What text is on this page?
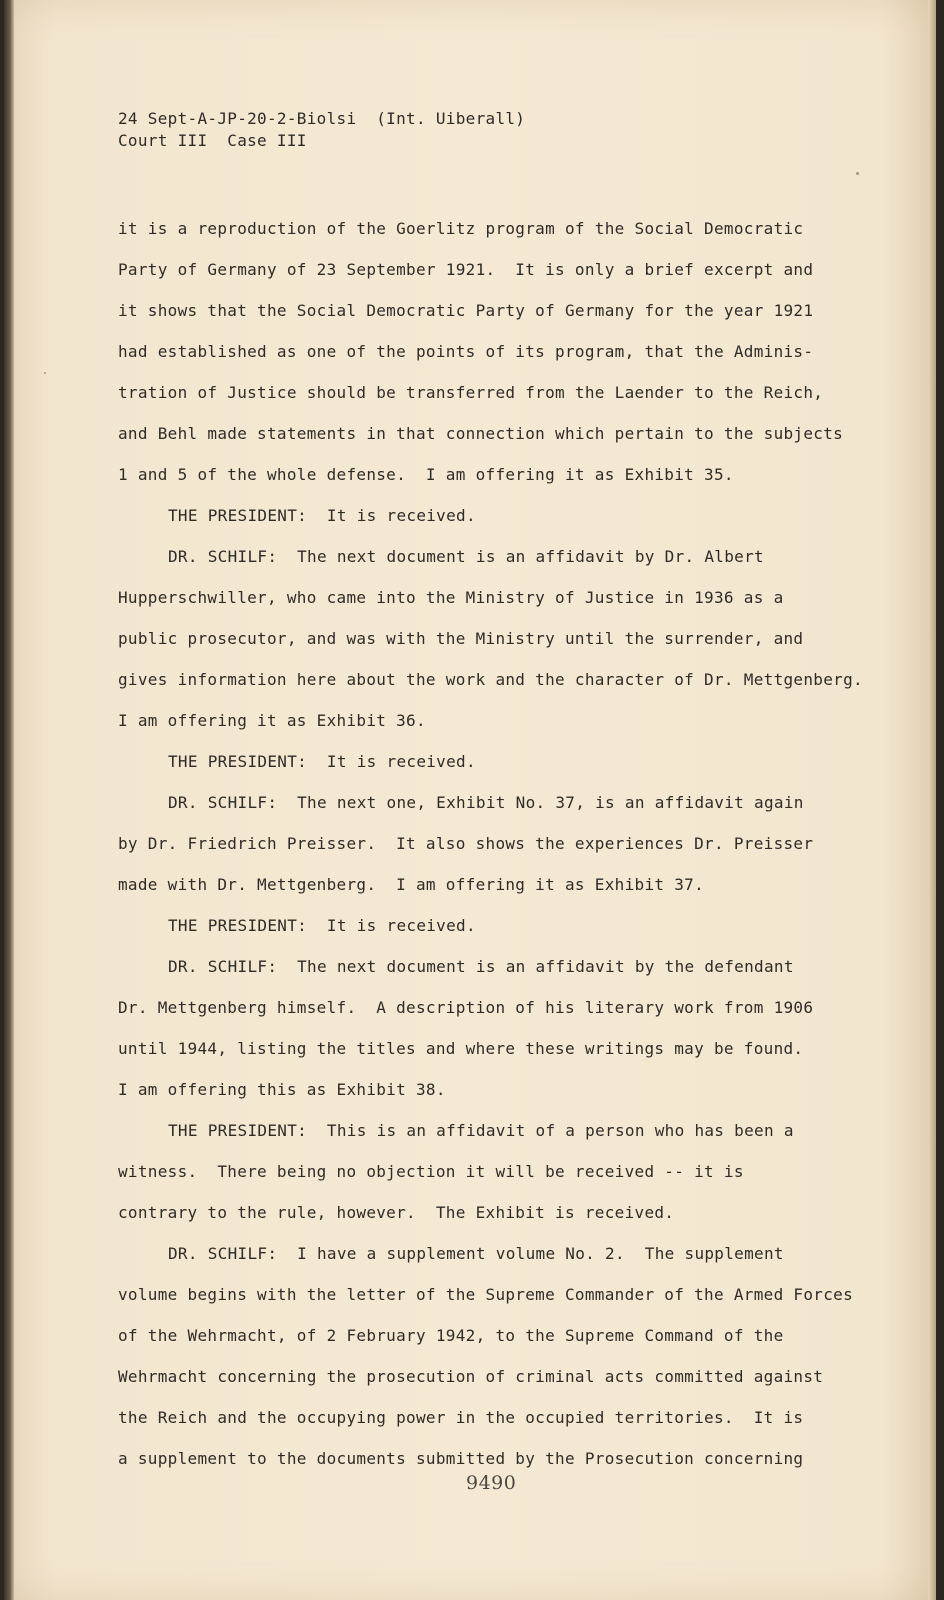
24 Sept-A-JP-20-2-Biolsi  (Int. Uiberall)
Court III  Case III
it is a reproduction of the Goerlitz program of the Social Democratic
Party of Germany of 23 September 1921.  It is only a brief excerpt and
it shows that the Social Democratic Party of Germany for the year 1921
had established as one of the points of its program, that the Adminis-
tration of Justice should be transferred from the Laender to the Reich,
and Behl made statements in that connection which pertain to the subjects
1 and 5 of the whole defense.  I am offering it as Exhibit 35.
THE PRESIDENT:  It is received.
DR. SCHILF:  The next document is an affidavit by Dr. Albert
Hupperschwiller, who came into the Ministry of Justice in 1936 as a
public prosecutor, and was with the Ministry until the surrender, and
gives information here about the work and the character of Dr. Mettgenberg.
I am offering it as Exhibit 36.
THE PRESIDENT:  It is received.
DR. SCHILF:  The next one, Exhibit No. 37, is an affidavit again
by Dr. Friedrich Preisser.  It also shows the experiences Dr. Preisser
made with Dr. Mettgenberg.  I am offering it as Exhibit 37.
THE PRESIDENT:  It is received.
DR. SCHILF:  The next document is an affidavit by the defendant
Dr. Mettgenberg himself.  A description of his literary work from 1906
until 1944, listing the titles and where these writings may be found.
I am offering this as Exhibit 38.
THE PRESIDENT:  This is an affidavit of a person who has been a
witness.  There being no objection it will be received -- it is
contrary to the rule, however.  The Exhibit is received.
DR. SCHILF:  I have a supplement volume No. 2.  The supplement
volume begins with the letter of the Supreme Commander of the Armed Forces
of the Wehrmacht, of 2 February 1942, to the Supreme Command of the
Wehrmacht concerning the prosecution of criminal acts committed against
the Reich and the occupying power in the occupied territories.  It is
a supplement to the documents submitted by the Prosecution concerning
9490
